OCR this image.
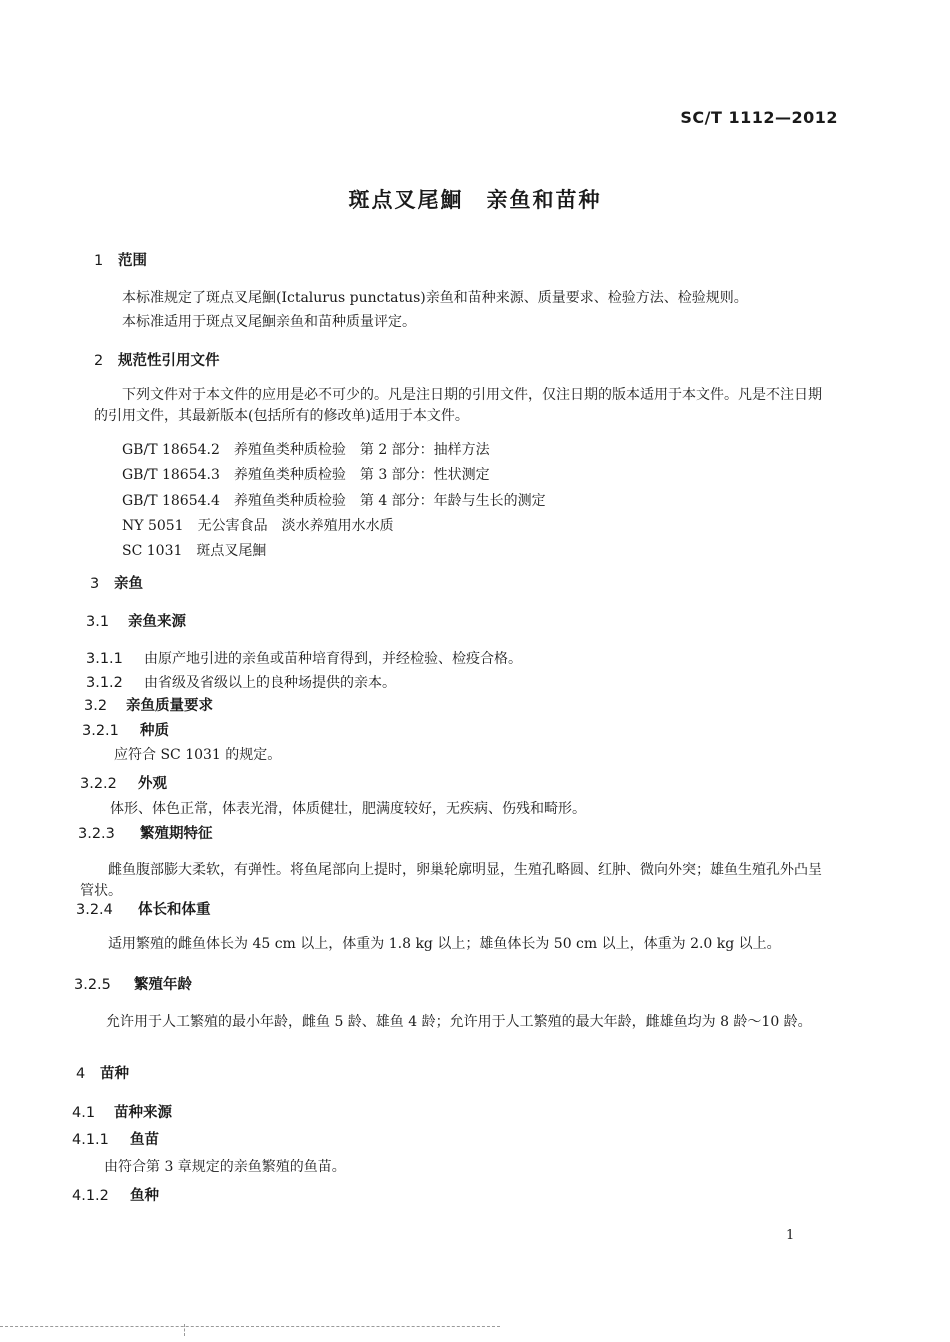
SC/T 1112—2012
斑点叉尾鮰　亲鱼和苗种
1 范围
本标准规定了斑点叉尾鮰(Ictalurus punctatus)亲鱼和苗种来源、质量要求、检验方法、检验规则。
本标准适用于斑点叉尾鮰亲鱼和苗种质量评定。
2 规范性引用文件
下列文件对于本文件的应用是必不可少的。凡是注日期的引用文件，仅注日期的版本适用于本文件。凡是不注日期的引用文件，其最新版本(包括所有的修改单)适用于本文件。
GB/T 18654.2 养殖鱼类种质检验　第 2 部分：抽样方法
GB/T 18654.3 养殖鱼类种质检验　第 3 部分：性状测定
GB/T 18654.4 养殖鱼类种质检验　第 4 部分：年龄与生长的测定
NY 5051 无公害食品　淡水养殖用水水质
SC 1031 斑点叉尾鮰
3 亲鱼
3.1 亲鱼来源
3.1.1 由原产地引进的亲鱼或苗种培育得到，并经检验、检疫合格。
3.1.2 由省级及省级以上的良种场提供的亲本。
3.2 亲鱼质量要求
3.2.1 种质
应符合 SC 1031 的规定。
3.2.2 外观
体形、体色正常，体表光滑，体质健壮，肥满度较好，无疾病、伤残和畸形。
3.2.3 繁殖期特征
雌鱼腹部膨大柔软，有弹性。将鱼尾部向上提时，卵巢轮廓明显，生殖孔略圆、红肿、微向外突；雄鱼生殖孔外凸呈管状。
3.2.4 体长和体重
适用繁殖的雌鱼体长为 45 cm 以上，体重为 1.8 kg 以上；雄鱼体长为 50 cm 以上，体重为 2.0 kg 以上。
3.2.5 繁殖年龄
允许用于人工繁殖的最小年龄，雌鱼 5 龄、雄鱼 4 龄；允许用于人工繁殖的最大年龄，雌雄鱼均为 8 龄～10 龄。
4 苗种
4.1 苗种来源
4.1.1 鱼苗
由符合第 3 章规定的亲鱼繁殖的鱼苗。
4.1.2 鱼种
1
